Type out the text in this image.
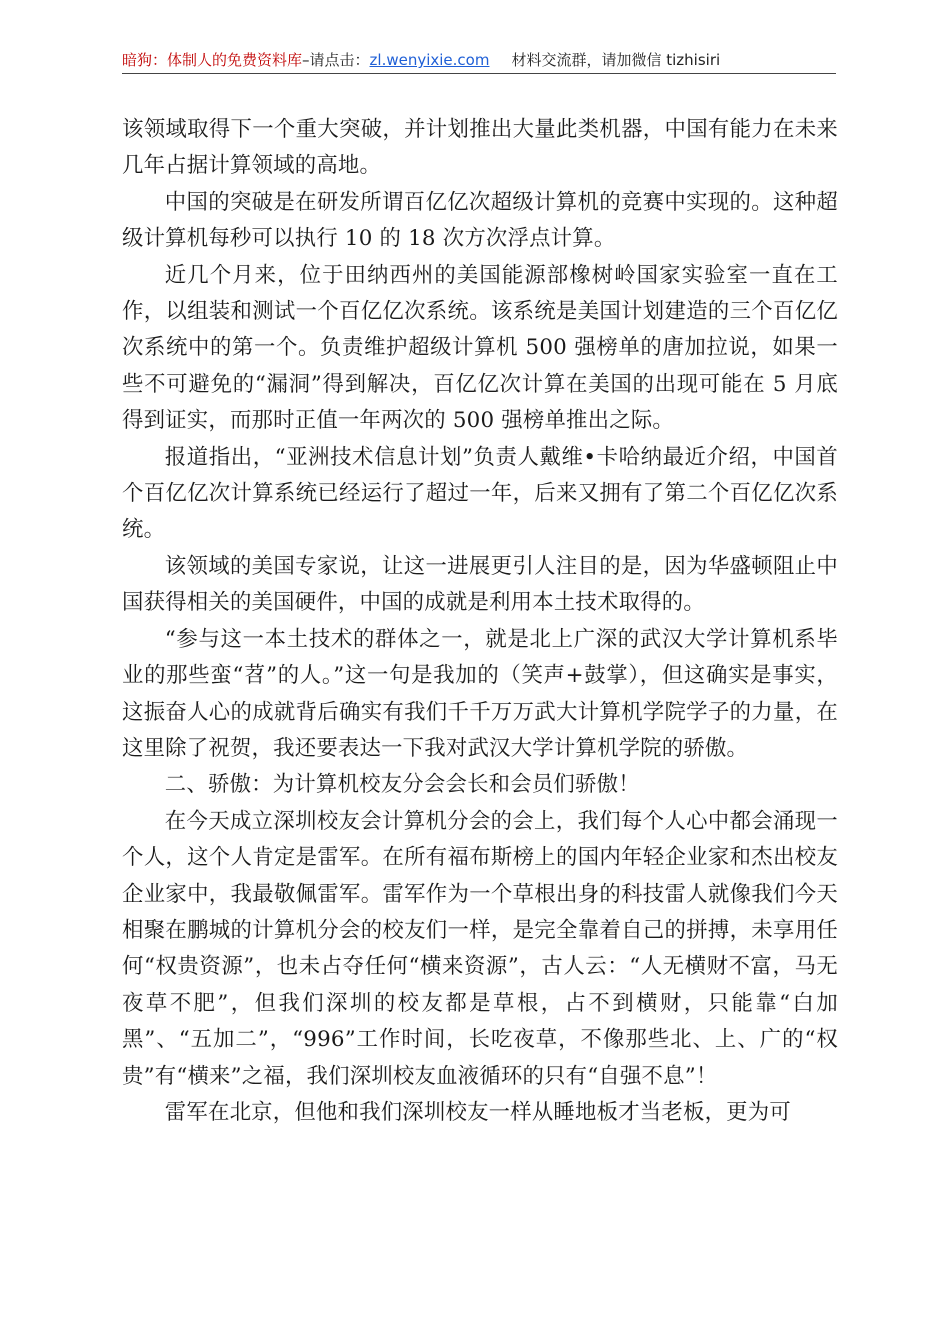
暗狗：体制人的免费资料库–请点击：zl.wenyixie.com 材料交流群，请加微信 tizhisiri

该领域取得下一个重大突破，并计划推出大量此类机器，中国有能力在未来几年占据计算领域的高地。

中国的突破是在研发所谓百亿亿次超级计算机的竞赛中实现的。这种超级计算机每秒可以执行 10 的 18 次方次浮点计算。

近几个月来，位于田纳西州的美国能源部橡树岭国家实验室一直在工作，以组装和测试一个百亿亿次系统。该系统是美国计划建造的三个百亿亿次系统中的第一个。负责维护超级计算机 500 强榜单的唐加拉说，如果一些不可避免的“漏洞”得到解决，百亿亿次计算在美国的出现可能在 5 月底得到证实，而那时正值一年两次的 500 强榜单推出之际。

报道指出，“亚洲技术信息计划”负责人戴维•卡哈纳最近介绍，中国首个百亿亿次计算系统已经运行了超过一年，后来又拥有了第二个百亿亿次系统。

该领域的美国专家说，让这一进展更引人注目的是，因为华盛顿阻止中国获得相关的美国硬件，中国的成就是利用本土技术取得的。

“参与这一本土技术的群体之一，就是北上广深的武汉大学计算机系毕业的那些蛮“苕”的人。”这一句是我加的（笑声+鼓掌），但这确实是事实，这振奋人心的成就背后确实有我们千千万万武大计算机学院学子的力量，在这里除了祝贺，我还要表达一下我对武汉大学计算机学院的骄傲。

二、骄傲：为计算机校友分会会长和会员们骄傲！

在今天成立深圳校友会计算机分会的会上，我们每个人心中都会涌现一个人，这个人肯定是雷军。在所有福布斯榜上的国内年轻企业家和杰出校友企业家中，我最敬佩雷军。雷军作为一个草根出身的科技雷人就像我们今天相聚在鹏城的计算机分会的校友们一样，是完全靠着自己的拼搏，未享用任何“权贵资源”，也未占夺任何“横来资源”，古人云：“人无横财不富，马无夜草不肥”，但我们深圳的校友都是草根，占不到横财，只能靠“白加黑”、“五加二”，“996”工作时间，长吃夜草，不像那些北、上、广的“权贵”有“横来”之福，我们深圳校友血液循环的只有“自强不息”！

雷军在北京，但他和我们深圳校友一样从睡地板才当老板，更为可
